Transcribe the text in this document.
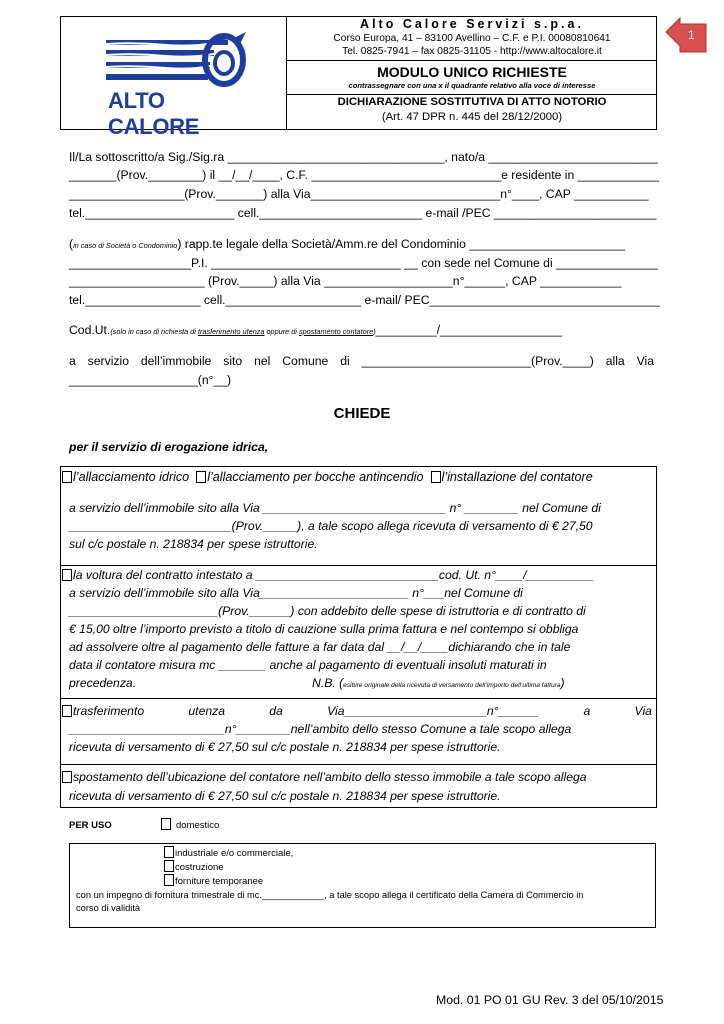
1
ALTO CALORE
Alto Calore Servizi s.p.a.
Corso Europa, 41 – 83100 Avellino – C.F. e P.I. 00080810641
Tel. 0825-7941 – fax 0825-31105 - http://www.altocalore.it
MODULO UNICO RICHIESTE
contrassegnare con una x il quadrante relativo alla voce di interesse
DICHIARAZIONE SOSTITUTIVA DI ATTO NOTORIO
(Art. 47 DPR n. 445 del 28/12/2000)
Il/La sottoscritto/a Sig./Sig.ra ________________________________, nato/a _________________________
_______(Prov.________) il __/__/____, C.F. ____________________________e residente in ____________
_________________(Prov._______) alla Via____________________________n°____, CAP ___________
tel.______________________ cell.________________________ e-mail /PEC ________________________
(in caso di Società o Condominio) rapp.te legale della Società/Amm.re del Condominio _______________________
__________________P.I. ____________________________ __ con sede nel Comune di _______________
____________________ (Prov._____) alla Via ___________________n°______, CAP ____________
tel._________________ cell.____________________ e-mail/ PEC__________________________________
Cod.Ut.(solo in caso di richiesta di trasferimento utenza oppure di spostamento contatore)_________/__________________
a servizio dell’immobile sito nel Comune di _________________________(Prov.____) alla Via
___________________(n°__)
CHIEDE
per il servizio di erogazione idrica,
l’allacciamento idrico l’allacciamento per bocche antincendio l’installazione del contatore
a servizio dell’immobile sito alla Via ___________________________ n° ________ nel Comune di
________________________(Prov._____), a tale scopo allega ricevuta di versamento di € 27,50
sul c/c postale n. 218834 per spese istruttorie.
la voltura del contratto intestato a ___________________________cod. Ut. n°____/__________
a servizio dell’immobile sito alla Via______________________ n°___nel Comune di
______________________(Prov.______) con addebito delle spese di istruttoria e di contratto di
€ 15,00 oltre l’importo previsto a titolo di cauzione sulla prima fattura e nel contempo si obbliga
ad assolvere oltre al pagamento delle fatture a far data dal __/__/____dichiarando che in tale
data il contatore misura mc _______ anche al pagamento di eventuali insoluti maturati in
precedenza.	N.B. (esibire originale della ricevuta di versamento dell’importo dell’ultima fattura)
trasferimento	utenza	da	Via_____________________n°______	a	Via
_______________________n°________nell’ambito dello stesso Comune a tale scopo allega
ricevuta di versamento di € 27,50 sul c/c postale n. 218834 per spese istruttorie.
spostamento dell’ubicazione del contatore nell’ambito dello stesso immobile a tale scopo allega
ricevuta di versamento di € 27,50 sul c/c postale n. 218834 per spese istruttorie.
PER USO	domestico
industriale e/o commerciale,
costruzione
forniture temporanee
con un impegno di fornitura trimestrale di mc.____________, a tale scopo allega il certificato della Camera di Commercio in
corso di validità
Mod. 01 PO 01 GU Rev. 3 del 05/10/2015
